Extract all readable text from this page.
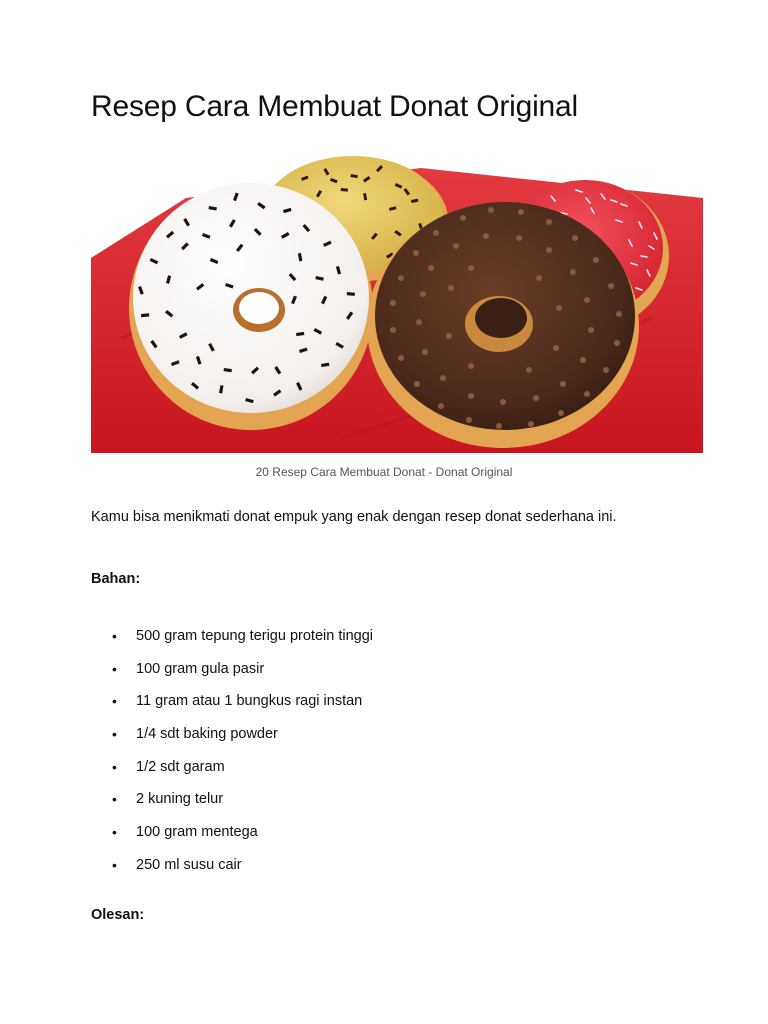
Resep Cara Membuat Donat Original
20 Resep Cara Membuat Donat - Donat Original

Kamu bisa menikmati donat empuk yang enak dengan resep donat sederhana ini.

Bahan:
• 500 gram tepung terigu protein tinggi
• 100 gram gula pasir
• 11 gram atau 1 bungkus ragi instan
• 1/4 sdt baking powder
• 1/2 sdt garam
• 2 kuning telur
• 100 gram mentega
• 250 ml susu cair
Olesan:
